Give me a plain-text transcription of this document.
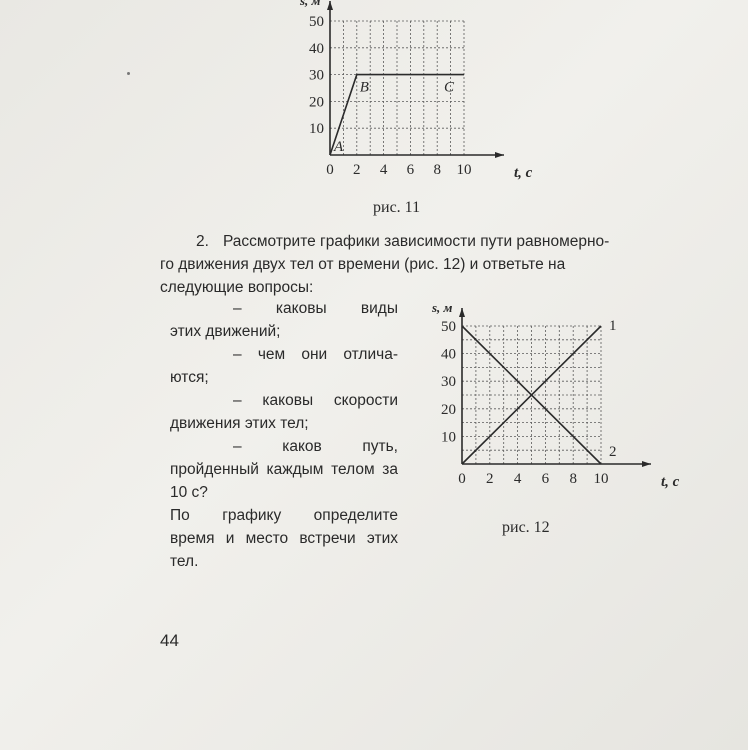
0 2 4 6 8 10
10
20
30
40
50
t, с
s, м
A
B	C
рис. 11
2. Рассмотрите графики зависимости пути равномерно-
го движения двух тел от времени (рис. 12) и ответьте на
следующие вопросы:
– каковы виды
этих движений;
– чем они отлича-
ются;
– каковы скорости
движения этих тел;
– каков путь,
пройденный каждым телом за 10 с?
По графику определите
время и место встречи этих
тел.
0 2 4 6 8 10
10
20
30
40
50
t, с
s, м
1
2
рис. 12
44
